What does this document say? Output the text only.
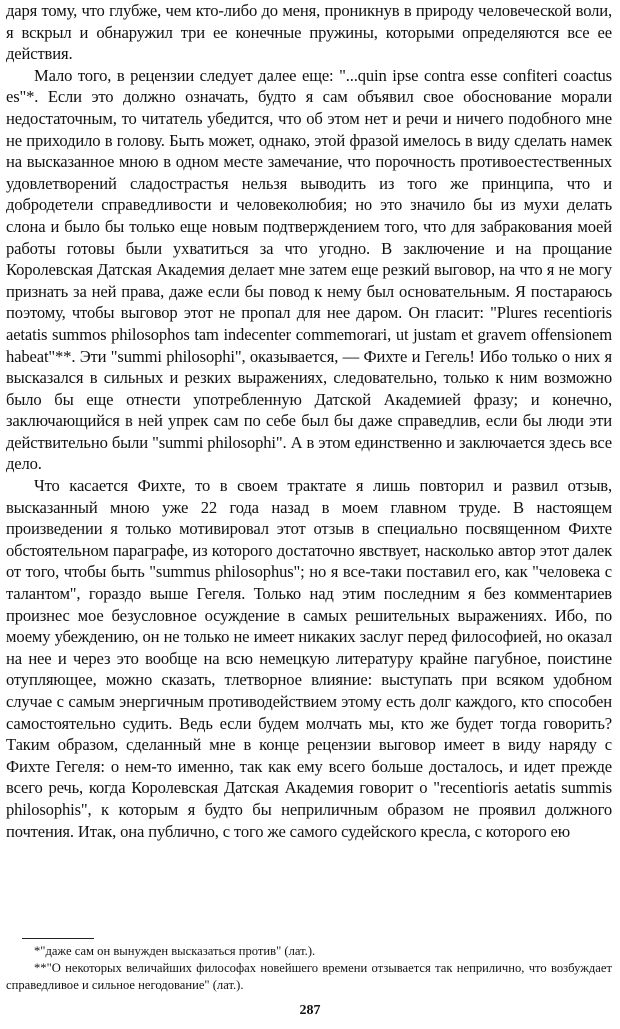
даря тому, что глубже, чем кто-либо до меня, проникнув в природу человеческой воли, я вскрыл и обнаружил три ее конечные пружины, которыми определяются все ее действия.

Мало того, в рецензии следует далее еще: "...quin ipse contra esse confiteri coactus es"*. Если это должно означать, будто я сам объявил свое обоснование морали недостаточным, то читатель убедится, что об этом нет и речи и ничего подобного мне не приходило в голову. Быть может, однако, этой фразой имелось в виду сделать намек на высказанное мною в одном месте замечание, что порочность противоестественных удовлетворений сладострастья нельзя выводить из того же принципа, что и добродетели справедливости и человеколюбия; но это значило бы из мухи делать слона и было бы только еще новым подтверждением того, что для забракования моей работы готовы были ухватиться за что угодно. В заключение и на прощание Королевская Датская Академия делает мне затем еще резкий выговор, на что я не могу признать за ней права, даже если бы повод к нему был основательным. Я постараюсь поэтому, чтобы выговор этот не пропал для нее даром. Он гласит: "Plures recentioris aetatis summos philosophos tam indecenter commemorari, ut justam et gravem offensionem habeat"**. Эти "summi philosophi", оказывается, — Фихте и Гегель! Ибо только о них я высказался в сильных и резких выражениях, следовательно, только к ним возможно было бы еще отнести употребленную Датской Академией фразу; и конечно, заключающийся в ней упрек сам по себе был бы даже справедлив, если бы люди эти действительно были "summi philosophi". А в этом единственно и заключается здесь все дело.

Что касается Фихте, то в своем трактате я лишь повторил и развил отзыв, высказанный мною уже 22 года назад в моем главном труде. В настоящем произведении я только мотивировал этот отзыв в специально посвященном Фихте обстоятельном параграфе, из которого достаточно явствует, насколько автор этот далек от того, чтобы быть "summus philosophus"; но я все-таки поставил его, как "человека с талантом", гораздо выше Гегеля. Только над этим последним я без комментариев произнес мое безусловное осуждение в самых решительных выражениях. Ибо, по моему убеждению, он не только не имеет никаких заслуг перед философией, но оказал на нее и через это вообще на всю немецкую литературу крайне пагубное, поистине отупляющее, можно сказать, тлетворное влияние: выступать при всяком удобном случае с самым энергичным противодействием этому есть долг каждого, кто способен самостоятельно судить. Ведь если будем молчать мы, кто же будет тогда говорить? Таким образом, сделанный мне в конце рецензии выговор имеет в виду наряду с Фихте Гегеля: о нем-то именно, так как ему всего больше досталось, и идет прежде всего речь, когда Королевская Датская Академия говорит о "recentioris aetatis summis philosophis", к которым я будто бы неприличным образом не проявил должного почтения. Итак, она публично, с того же самого судейского кресла, с которого ею

*"даже сам он вынужден высказаться против" (лат.).

**"О некоторых величайших философах новейшего времени отзывается так неприлично, что возбуждает справедливое и сильное негодование" (лат.).

287
